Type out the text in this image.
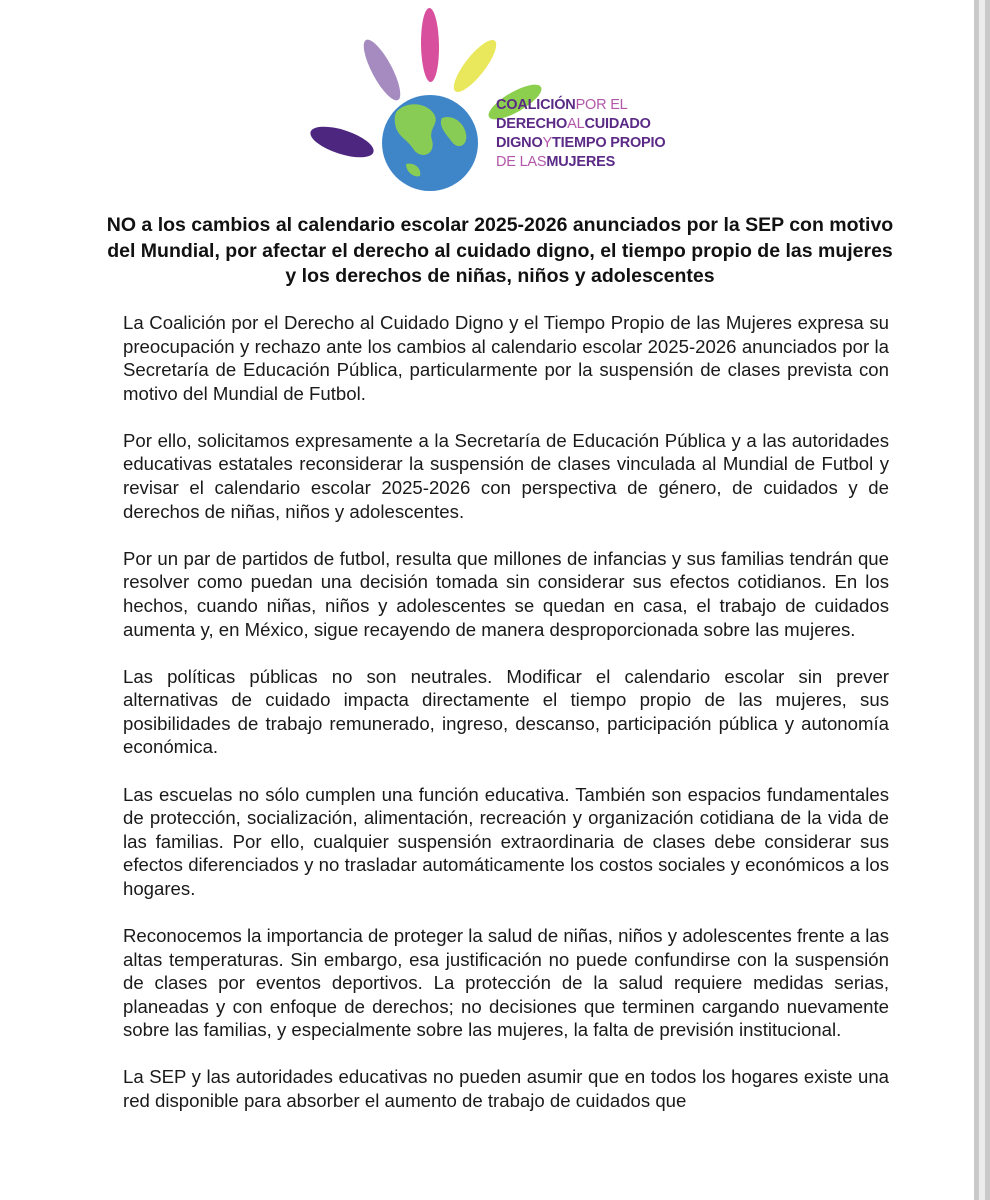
COALICIÓNPOR EL
DERECHOALCUIDADO
DIGNOYTIEMPO PROPIO
DE LASMUJERES
NO a los cambios al calendario escolar 2025-2026 anunciados por la SEP con motivo del Mundial, por afectar el derecho al cuidado digno, el tiempo propio de las mujeres y los derechos de niñas, niños y adolescentes

La Coalición por el Derecho al Cuidado Digno y el Tiempo Propio de las Mujeres expresa su preocupación y rechazo ante los cambios al calendario escolar 2025-2026 anunciados por la Secretaría de Educación Pública, particularmente por la suspensión de clases prevista con motivo del Mundial de Futbol.

Por ello, solicitamos expresamente a la Secretaría de Educación Pública y a las autoridades educativas estatales reconsiderar la suspensión de clases vinculada al Mundial de Futbol y revisar el calendario escolar 2025-2026 con perspectiva de género, de cuidados y de derechos de niñas, niños y adolescentes.

Por un par de partidos de futbol, resulta que millones de infancias y sus familias tendrán que resolver como puedan una decisión tomada sin considerar sus efectos cotidianos. En los hechos, cuando niñas, niños y adolescentes se quedan en casa, el trabajo de cuidados aumenta y, en México, sigue recayendo de manera desproporcionada sobre las mujeres.

Las políticas públicas no son neutrales. Modificar el calendario escolar sin prever alternativas de cuidado impacta directamente el tiempo propio de las mujeres, sus posibilidades de trabajo remunerado, ingreso, descanso, participación pública y autonomía económica.

Las escuelas no sólo cumplen una función educativa. También son espacios fundamentales de protección, socialización, alimentación, recreación y organización cotidiana de la vida de las familias. Por ello, cualquier suspensión extraordinaria de clases debe considerar sus efectos diferenciados y no trasladar automáticamente los costos sociales y económicos a los hogares.

Reconocemos la importancia de proteger la salud de niñas, niños y adolescentes frente a las altas temperaturas. Sin embargo, esa justificación no puede confundirse con la suspensión de clases por eventos deportivos. La protección de la salud requiere medidas serias, planeadas y con enfoque de derechos; no decisiones que terminen cargando nuevamente sobre las familias, y especialmente sobre las mujeres, la falta de previsión institucional.

La SEP y las autoridades educativas no pueden asumir que en todos los hogares existe una red disponible para absorber el aumento de trabajo de cuidados que
